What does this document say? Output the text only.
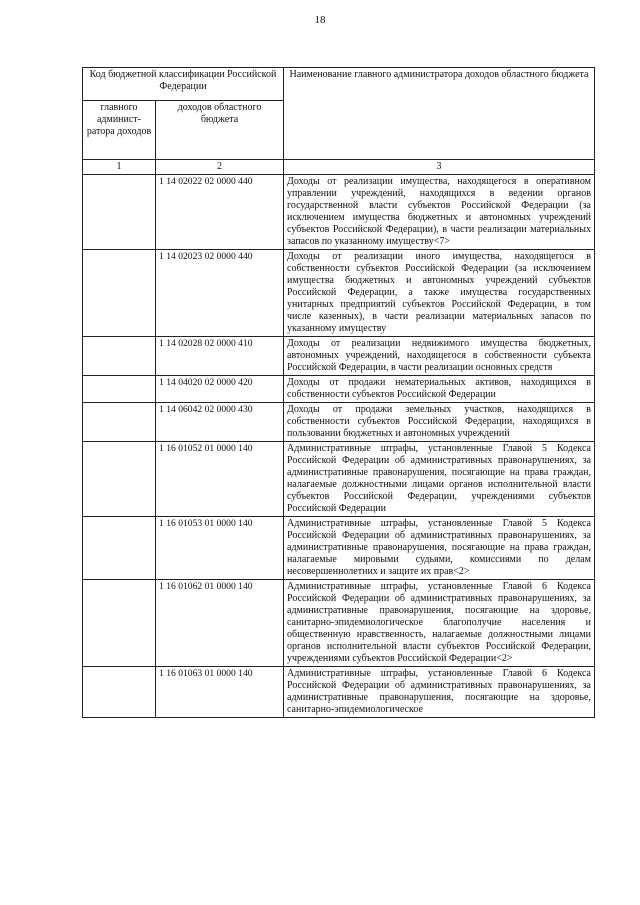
18
Код бюджетной классификации Российской Федерации		Наименование главного администратора доходов областного бюджета
главного админист-ратора доходов	доходов областного бюджета	
1	2	3
	1 14 02022 02 0000 440	Доходы от реализации имущества, находящегося в оперативном управлении учреждений, находящихся в ведении органов государственной власти субъектов Российской Федерации (за исключением имущества бюджетных и автономных учреждений субъектов Российской Федерации), в части реализации материальных запасов по указанному имуществу<7>
	1 14 02023 02 0000 440	Доходы от реализации иного имущества, находящегося в собственности субъектов Российской Федерации (за исключением имущества бюджетных и автономных учреждений субъектов Российской Федерации, а также имущества государственных унитарных предприятий субъектов Российской Федерации, в том числе казенных), в части реализации материальных запасов по указанному имуществу
	1 14 02028 02 0000 410	Доходы от реализации недвижимого имущества бюджетных, автономных учреждений, находящегося в собственности субъекта Российской Федерации, в части реализации основных средств
	1 14 04020 02 0000 420	Доходы от продажи нематериальных активов, находящихся в собственности субъектов Российской Федерации
	1 14 06042 02 0000 430	Доходы от продажи земельных участков, находящихся в собственности субъектов Российской Федерации, находящихся в пользовании бюджетных и автономных учреждений
	1 16 01052 01 0000 140	Административные штрафы, установленные Главой 5 Кодекса Российской Федерации об административных правонарушениях, за административные правонарушения, посягающие на права граждан, налагаемые должностными лицами органов исполнительной власти субъектов Российской Федерации, учреждениями субъектов Российской Федерации
	1 16 01053 01 0000 140	Административные штрафы, установленные Главой 5 Кодекса Российской Федерации об административных правонарушениях, за административные правонарушения, посягающие на права граждан, налагаемые мировыми судьями, комиссиями по делам несовершеннолетних и защите их прав<2>
	1 16 01062 01 0000 140	Административные штрафы, установленные Главой 6 Кодекса Российской Федерации об административных правонарушениях, за административные правонарушения, посягающие на здоровье, санитарно-эпидемиологическое благополучие населения и общественную нравственность, налагаемые должностными лицами органов исполнительной власти субъектов Российской Федерации, учреждениями субъектов Российской Федерации<2>
	1 16 01063 01 0000 140	Административные штрафы, установленные Главой 6 Кодекса Российской Федерации об административных правонарушениях, за административные правонарушения, посягающие на здоровье, санитарно-эпидемиологическое
